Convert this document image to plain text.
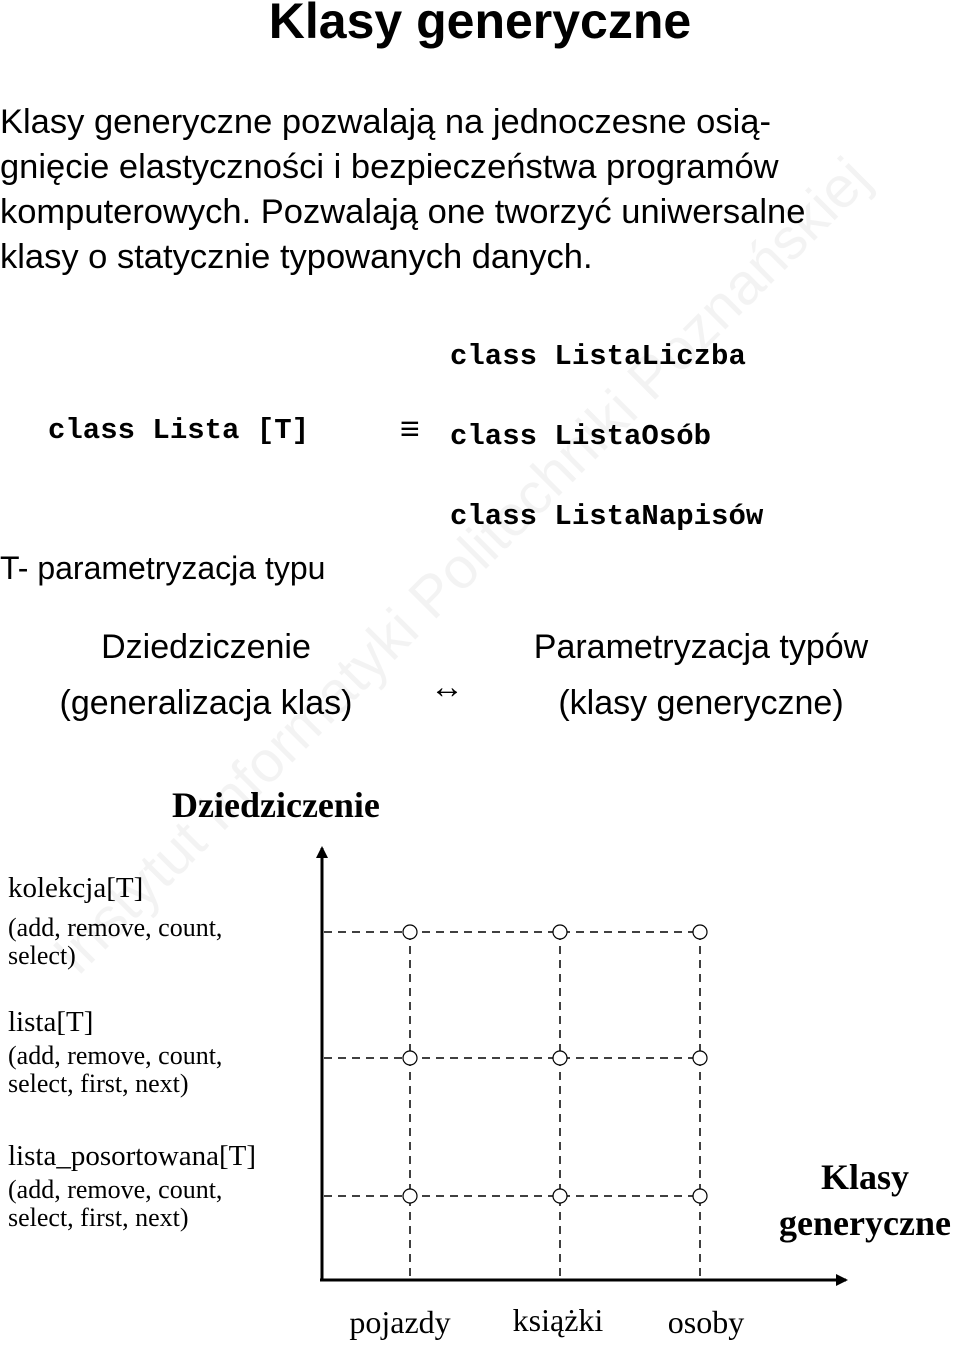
Klasy generyczne
Klasy generyczne pozwalają na jednoczesne osią-
gnięcie elastyczności i bezpieczeństwa programów
komputerowych. Pozwalają one tworzyć uniwersalne
klasy o statycznie typowanych danych.
class Lista [T]	≡
class ListaLiczba
class ListaOsób
class ListaNapisów
T- parametryzacja typu
Dziedziczenie
(generalizacja klas)	↔
Parametryzacja typów
(klasy generyczne)
Dziedziczenie
Klasy
generyczne
kolekcja[T]
(add, remove, count,
select)
lista[T]
(add, remove, count,
select, first, next)
lista_posortowana[T]
(add, remove, count,
select, first, next)
pojazdy	książki	osoby
